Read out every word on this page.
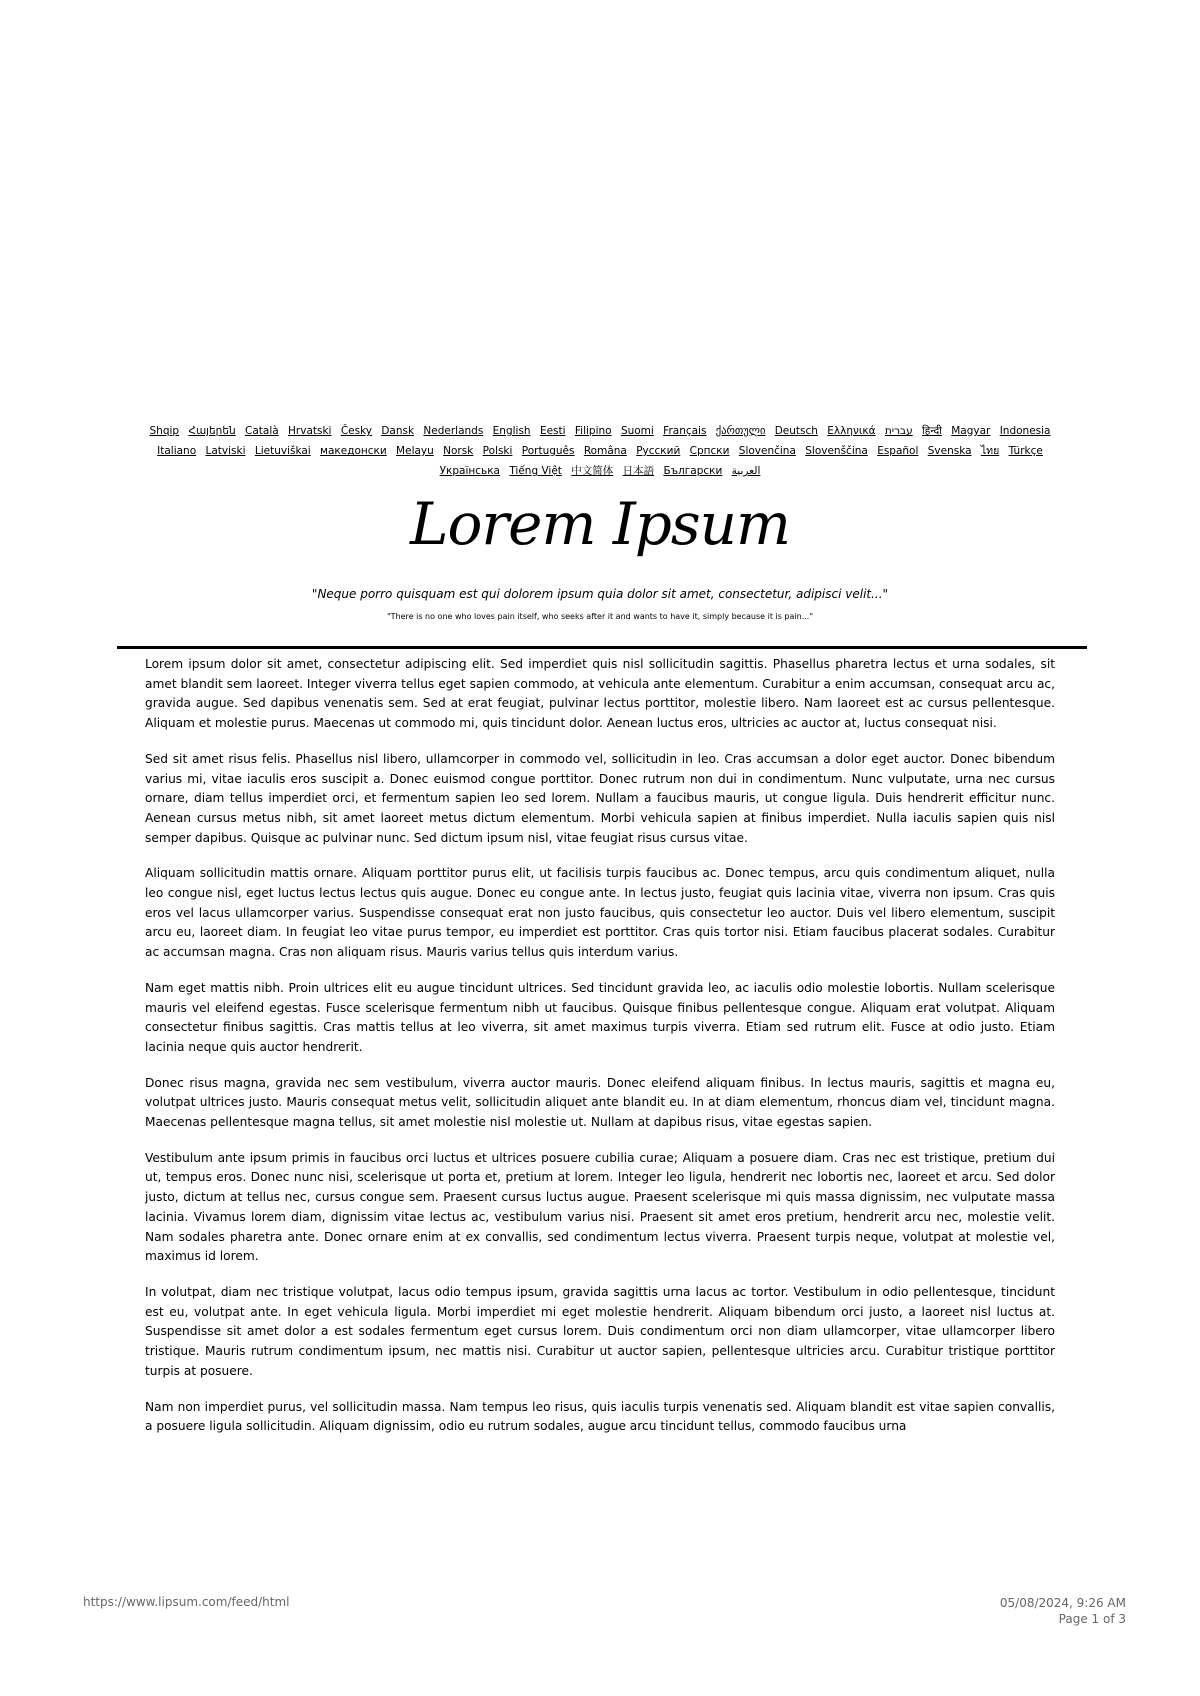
Shqip Հայերեն Català Hrvatski Česky Dansk Nederlands English Eesti Filipino Suomi Français ქართული Deutsch Ελληνικά עברית हिन्दी Magyar Indonesia Italiano Latviski Lietuviškai македонски Melayu Norsk Polski Português Româna Pyccкий Српски Slovenčina Slovenščina Español Svenska ไทย Türkçe Українська Tiếng Việt 中文简体 日本語 Български العربية
Lorem Ipsum
"Neque porro quisquam est qui dolorem ipsum quia dolor sit amet, consectetur, adipisci velit..."
"There is no one who loves pain itself, who seeks after it and wants to have it, simply because it is pain..."

Lorem ipsum dolor sit amet, consectetur adipiscing elit. Sed imperdiet quis nisl sollicitudin sagittis. Phasellus pharetra lectus et urna sodales, sit amet blandit sem laoreet. Integer viverra tellus eget sapien commodo, at vehicula ante elementum. Curabitur a enim accumsan, consequat arcu ac, gravida augue. Sed dapibus venenatis sem. Sed at erat feugiat, pulvinar lectus porttitor, molestie libero. Nam laoreet est ac cursus pellentesque. Aliquam et molestie purus. Maecenas ut commodo mi, quis tincidunt dolor. Aenean luctus eros, ultricies ac auctor at, luctus consequat nisi.

Sed sit amet risus felis. Phasellus nisl libero, ullamcorper in commodo vel, sollicitudin in leo. Cras accumsan a dolor eget auctor. Donec bibendum varius mi, vitae iaculis eros suscipit a. Donec euismod congue porttitor. Donec rutrum non dui in condimentum. Nunc vulputate, urna nec cursus ornare, diam tellus imperdiet orci, et fermentum sapien leo sed lorem. Nullam a faucibus mauris, ut congue ligula. Duis hendrerit efficitur nunc. Aenean cursus metus nibh, sit amet laoreet metus dictum elementum. Morbi vehicula sapien at finibus imperdiet. Nulla iaculis sapien quis nisl semper dapibus. Quisque ac pulvinar nunc. Sed dictum ipsum nisl, vitae feugiat risus cursus vitae.

Aliquam sollicitudin mattis ornare. Aliquam porttitor purus elit, ut facilisis turpis faucibus ac. Donec tempus, arcu quis condimentum aliquet, nulla leo congue nisl, eget luctus lectus lectus quis augue. Donec eu congue ante. In lectus justo, feugiat quis lacinia vitae, viverra non ipsum. Cras quis eros vel lacus ullamcorper varius. Suspendisse consequat erat non justo faucibus, quis consectetur leo auctor. Duis vel libero elementum, suscipit arcu eu, laoreet diam. In feugiat leo vitae purus tempor, eu imperdiet est porttitor. Cras quis tortor nisi. Etiam faucibus placerat sodales. Curabitur ac accumsan magna. Cras non aliquam risus. Mauris varius tellus quis interdum varius.

Nam eget mattis nibh. Proin ultrices elit eu augue tincidunt ultrices. Sed tincidunt gravida leo, ac iaculis odio molestie lobortis. Nullam scelerisque mauris vel eleifend egestas. Fusce scelerisque fermentum nibh ut faucibus. Quisque finibus pellentesque congue. Aliquam erat volutpat. Aliquam consectetur finibus sagittis. Cras mattis tellus at leo viverra, sit amet maximus turpis viverra. Etiam sed rutrum elit. Fusce at odio justo. Etiam lacinia neque quis auctor hendrerit.

Donec risus magna, gravida nec sem vestibulum, viverra auctor mauris. Donec eleifend aliquam finibus. In lectus mauris, sagittis et magna eu, volutpat ultrices justo. Mauris consequat metus velit, sollicitudin aliquet ante blandit eu. In at diam elementum, rhoncus diam vel, tincidunt magna. Maecenas pellentesque magna tellus, sit amet molestie nisl molestie ut. Nullam at dapibus risus, vitae egestas sapien.

Vestibulum ante ipsum primis in faucibus orci luctus et ultrices posuere cubilia curae; Aliquam a posuere diam. Cras nec est tristique, pretium dui ut, tempus eros. Donec nunc nisi, scelerisque ut porta et, pretium at lorem. Integer leo ligula, hendrerit nec lobortis nec, laoreet et arcu. Sed dolor justo, dictum at tellus nec, cursus congue sem. Praesent cursus luctus augue. Praesent scelerisque mi quis massa dignissim, nec vulputate massa lacinia. Vivamus lorem diam, dignissim vitae lectus ac, vestibulum varius nisi. Praesent sit amet eros pretium, hendrerit arcu nec, molestie velit. Nam sodales pharetra ante. Donec ornare enim at ex convallis, sed condimentum lectus viverra. Praesent turpis neque, volutpat at molestie vel, maximus id lorem.

In volutpat, diam nec tristique volutpat, lacus odio tempus ipsum, gravida sagittis urna lacus ac tortor. Vestibulum in odio pellentesque, tincidunt est eu, volutpat ante. In eget vehicula ligula. Morbi imperdiet mi eget molestie hendrerit. Aliquam bibendum orci justo, a laoreet nisl luctus at. Suspendisse sit amet dolor a est sodales fermentum eget cursus lorem. Duis condimentum orci non diam ullamcorper, vitae ullamcorper libero tristique. Mauris rutrum condimentum ipsum, nec mattis nisi. Curabitur ut auctor sapien, pellentesque ultricies arcu. Curabitur tristique porttitor turpis at posuere.

Nam non imperdiet purus, vel sollicitudin massa. Nam tempus leo risus, quis iaculis turpis venenatis sed. Aliquam blandit est vitae sapien convallis, a posuere ligula sollicitudin. Aliquam dignissim, odio eu rutrum sodales, augue arcu tincidunt tellus, commodo faucibus urna

https://www.lipsum.com/feed/html	05/08/2024, 9:26 AM
Page 1 of 3
